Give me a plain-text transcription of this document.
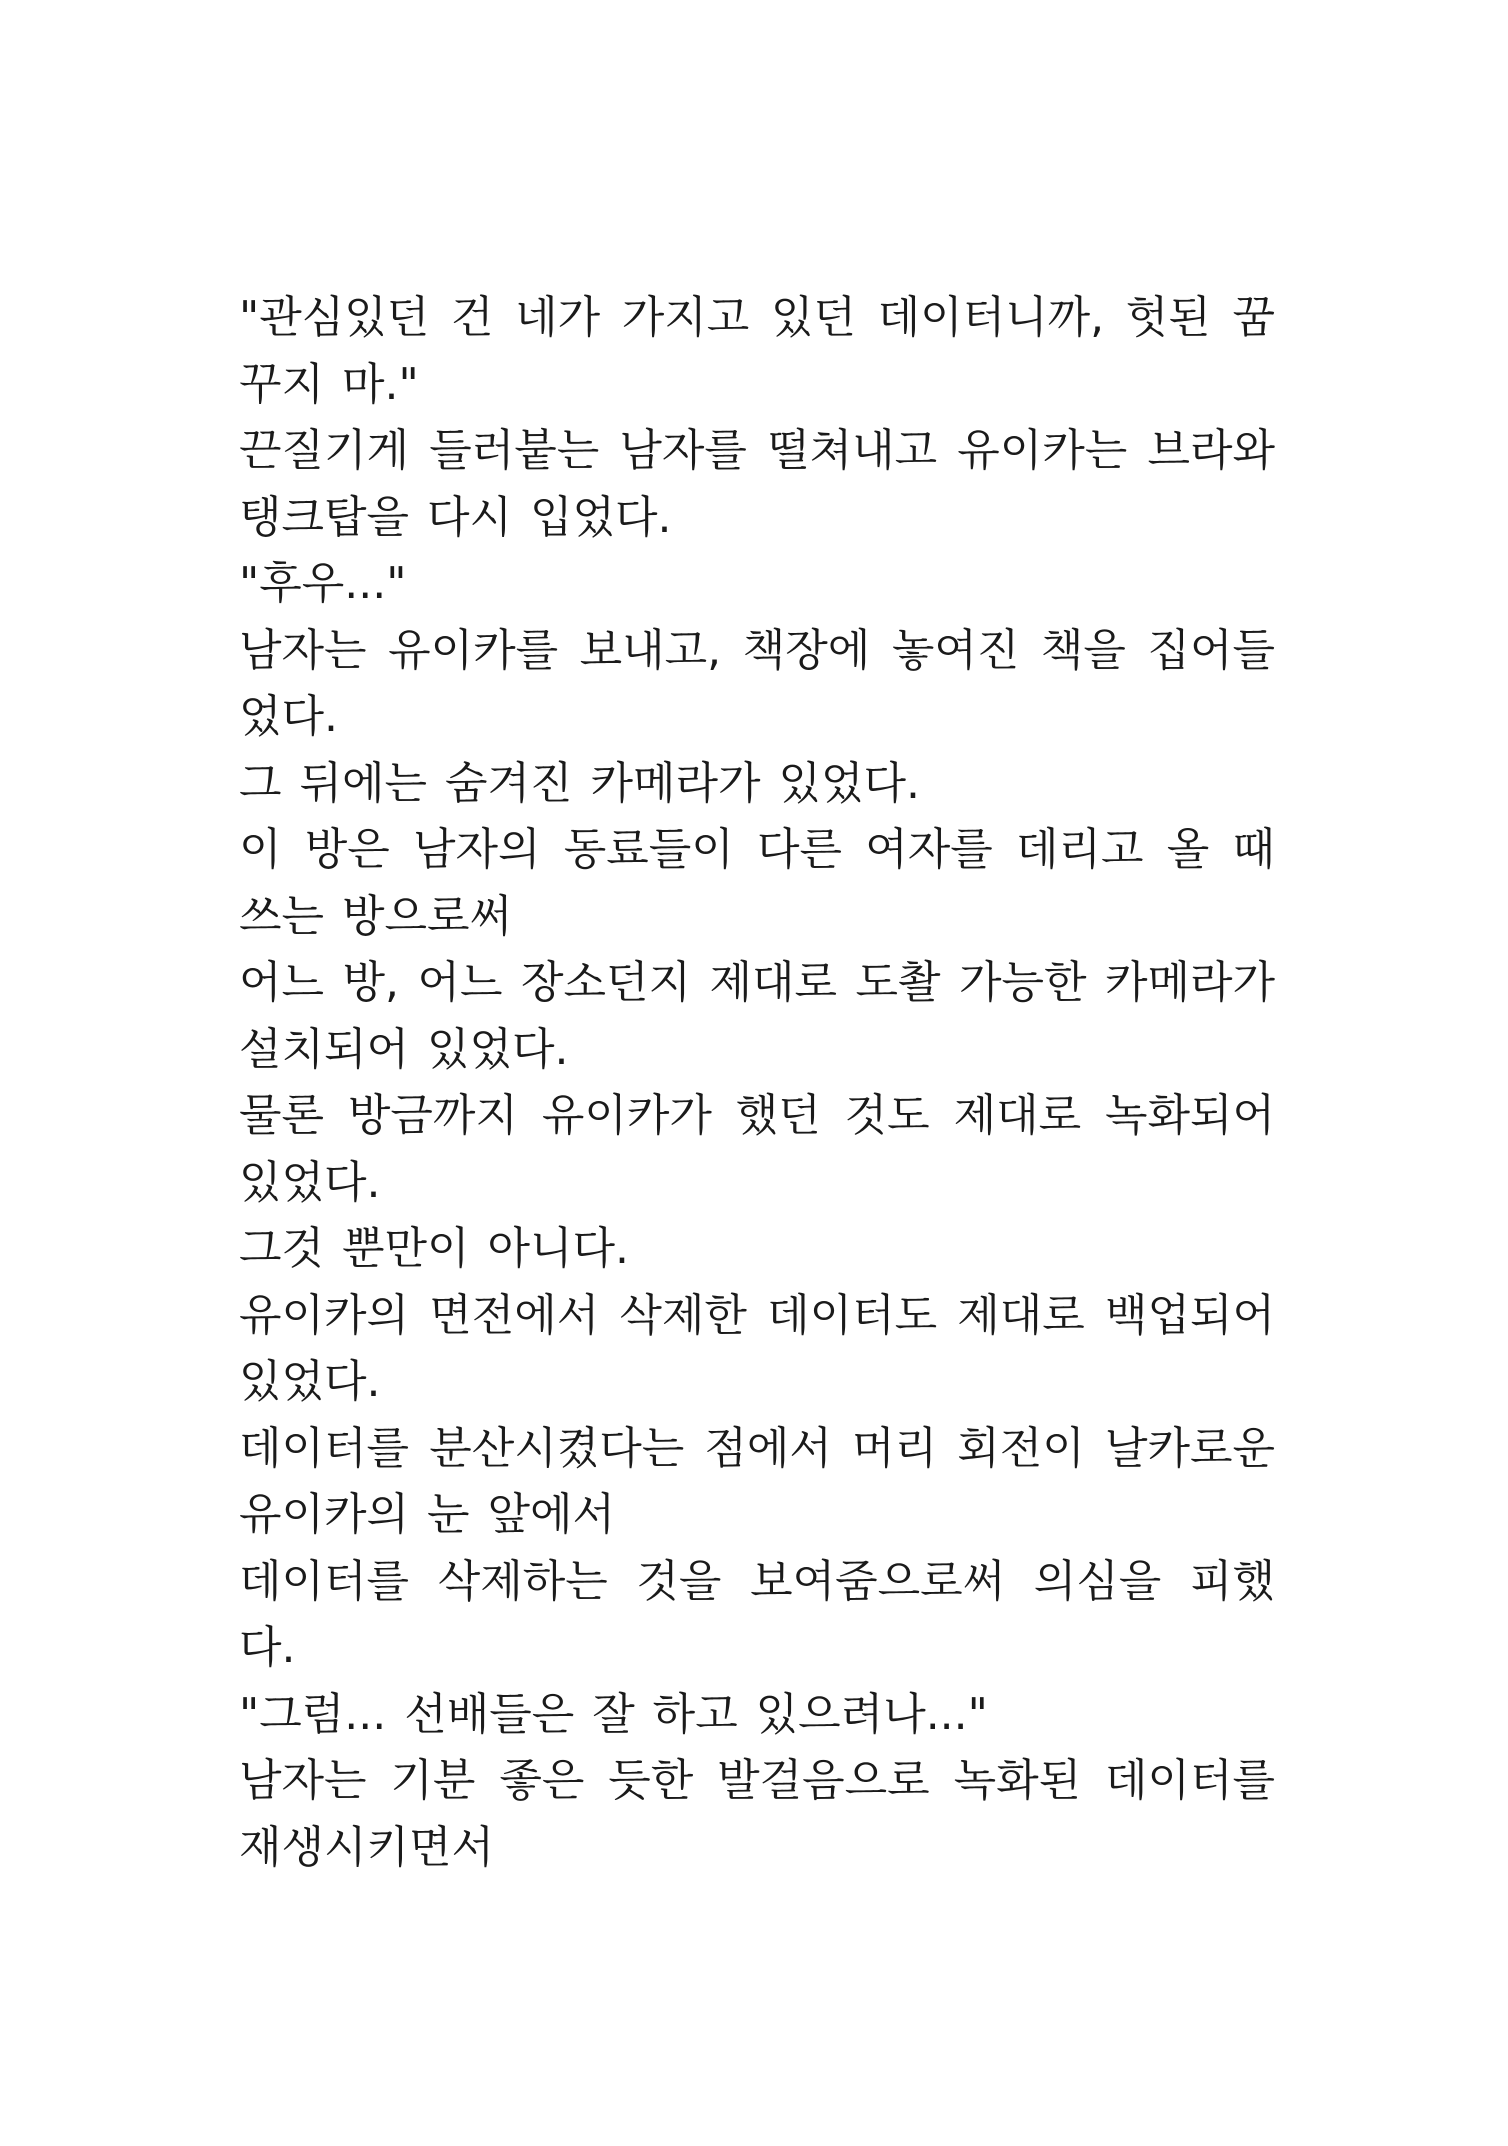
"관심있던 건 네가 가지고 있던 데이터니까, 헛된 꿈꾸지 마."

끈질기게 들러붙는 남자를 떨쳐내고 유이카는 브라와 탱크탑을 다시 입었다.

"후우..."

남자는 유이카를 보내고, 책장에 놓여진 책을 집어들었다.

그 뒤에는 숨겨진 카메라가 있었다.

이 방은 남자의 동료들이 다른 여자를 데리고 올 때 쓰는 방으로써

어느 방, 어느 장소던지 제대로 도촬 가능한 카메라가 설치되어 있었다.

물론 방금까지 유이카가 했던 것도 제대로 녹화되어 있었다.

그것 뿐만이 아니다.

유이카의 면전에서 삭제한 데이터도 제대로 백업되어 있었다.

데이터를 분산시켰다는 점에서 머리 회전이 날카로운 유이카의 눈 앞에서

데이터를 삭제하는 것을 보여줌으로써 의심을 피했다.

"그럼... 선배들은 잘 하고 있으려나..."

남자는 기분 좋은 듯한 발걸음으로 녹화된 데이터를 재생시키면서
